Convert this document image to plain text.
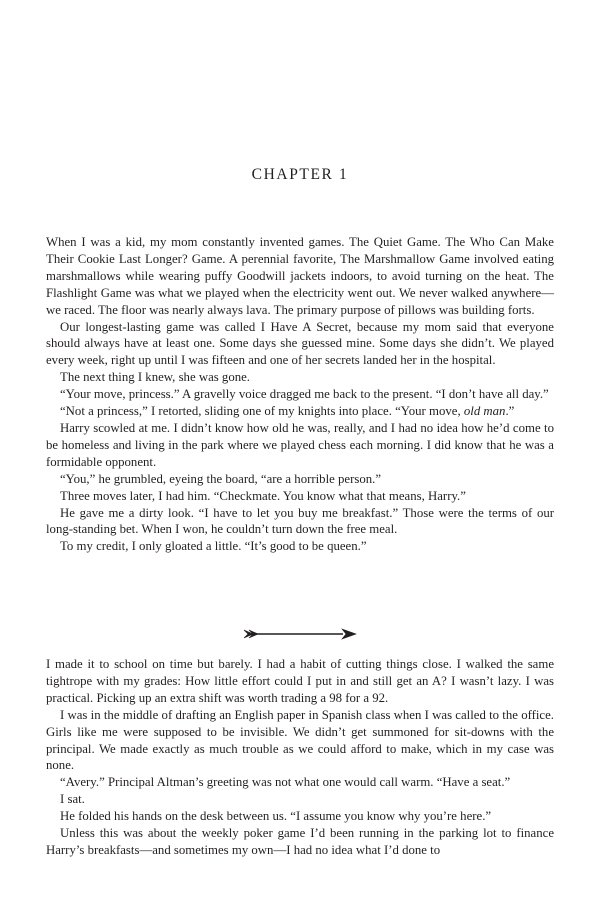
CHAPTER 1

When I was a kid, my mom constantly invented games. The Quiet Game. The Who Can Make Their Cookie Last Longer? Game. A perennial favorite, The Marshmallow Game involved eating marshmallows while wearing puffy Goodwill jackets indoors, to avoid turning on the heat. The Flashlight Game was what we played when the electricity went out. We never walked anywhere—we raced. The floor was nearly always lava. The primary purpose of pillows was building forts.

Our longest-lasting game was called I Have A Secret, because my mom said that everyone should always have at least one. Some days she guessed mine. Some days she didn’t. We played every week, right up until I was fifteen and one of her secrets landed her in the hospital.

The next thing I knew, she was gone.

“Your move, princess.” A gravelly voice dragged me back to the present. “I don’t have all day.”

“Not a princess,” I retorted, sliding one of my knights into place. “Your move, old man.”

Harry scowled at me. I didn’t know how old he was, really, and I had no idea how he’d come to be homeless and living in the park where we played chess each morning. I did know that he was a formidable opponent.

“You,” he grumbled, eyeing the board, “are a horrible person.”

Three moves later, I had him. “Checkmate. You know what that means, Harry.”

He gave me a dirty look. “I have to let you buy me breakfast.” Those were the terms of our long-standing bet. When I won, he couldn’t turn down the free meal.

To my credit, I only gloated a little. “It’s good to be queen.”

I made it to school on time but barely. I had a habit of cutting things close. I walked the same tightrope with my grades: How little effort could I put in and still get an A? I wasn’t lazy. I was practical. Picking up an extra shift was worth trading a 98 for a 92.

I was in the middle of drafting an English paper in Spanish class when I was called to the office. Girls like me were supposed to be invisible. We didn’t get summoned for sit-downs with the principal. We made exactly as much trouble as we could afford to make, which in my case was none.

“Avery.” Principal Altman’s greeting was not what one would call warm. “Have a seat.”

I sat.

He folded his hands on the desk between us. “I assume you know why you’re here.”

Unless this was about the weekly poker game I’d been running in the parking lot to finance Harry’s breakfasts—and sometimes my own—I had no idea what I’d done to
